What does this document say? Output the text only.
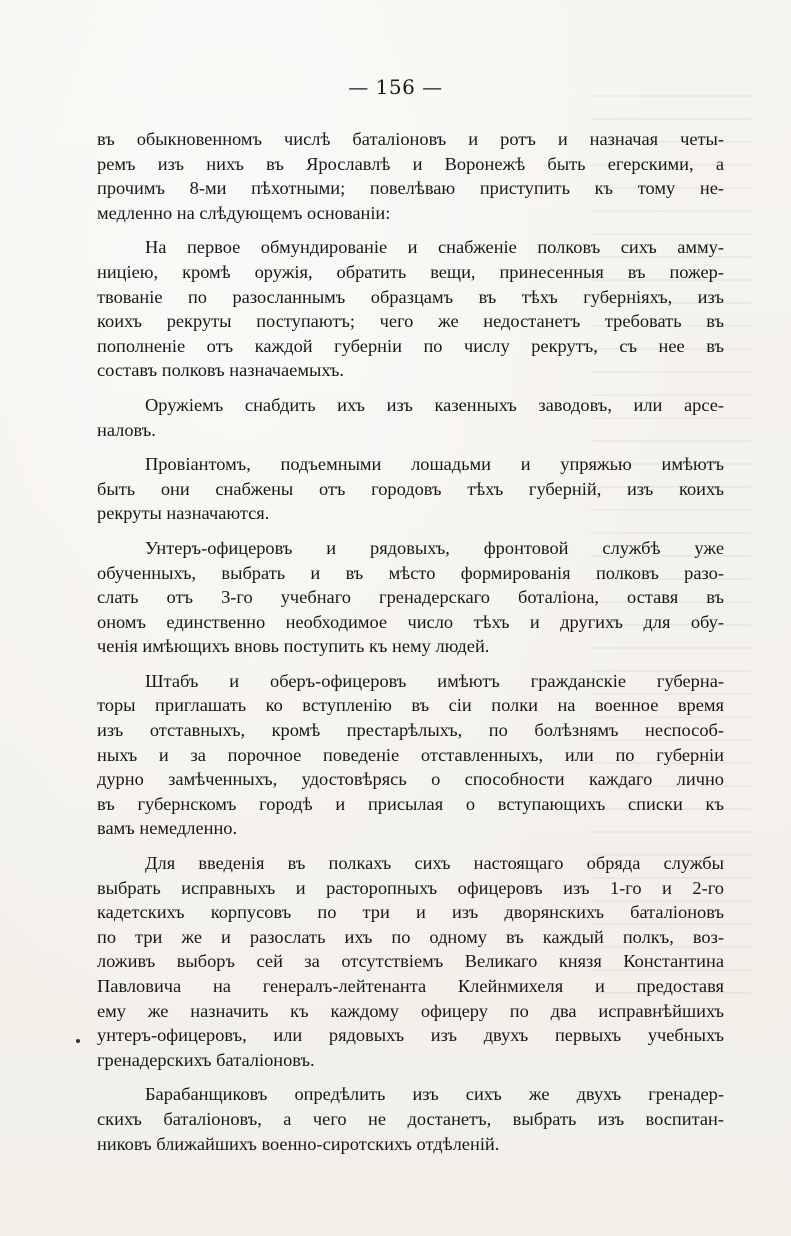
— 156 —

въ обыкновенномъ числѣ баталіоновъ и ротъ и назначая четы-
ремъ изъ нихъ въ Ярославлѣ и Воронежѣ быть егерскими, а
прочимъ 8-ми пѣхотными; повелѣваю приступить къ тому не-
медленно на слѣдующемъ основаніи:

На первое обмундированіе и снабженіе полковъ сихъ амму-
ниціею, кромѣ оружія, обратить вещи, принесенныя въ пожер-
твованіе по разосланнымъ образцамъ въ тѣхъ губерніяхъ, изъ
коихъ рекруты поступаютъ; чего же недостанетъ требовать въ
пополненіе отъ каждой губерніи по числу рекрутъ, съ нее въ
составъ полковъ назначаемыхъ.

Оружіемъ снабдить ихъ изъ казенныхъ заводовъ, или арсе-
наловъ.

Провіантомъ, подъемными лошадьми и упряжью имѣютъ
быть они снабжены отъ городовъ тѣхъ губерній, изъ коихъ
рекруты назначаются.

Унтеръ-офицеровъ и рядовыхъ, фронтовой службѣ уже
обученныхъ, выбрать и въ мѣсто формированія полковъ разо-
слать отъ 3-го учебнаго гренадерскаго боталіона, оставя въ
ономъ единственно необходимое число тѣхъ и другихъ для обу-
ченія имѣющихъ вновь поступить къ нему людей.

Штабъ и оберъ-офицеровъ имѣютъ гражданскіе губерна-
торы приглашать ко вступленію въ сіи полки на военное время
изъ отставныхъ, кромѣ престарѣлыхъ, по болѣзнямъ неспособ-
ныхъ и за порочное поведеніе отставленныхъ, или по губерніи
дурно замѣченныхъ, удостовѣрясь о способности каждаго лично
въ губернскомъ городѣ и присылая о вступающихъ списки къ
вамъ немедленно.

Для введенія въ полкахъ сихъ настоящаго обряда службы
выбрать исправныхъ и расторопныхъ офицеровъ изъ 1-го и 2-го
кадетскихъ корпусовъ по три и изъ дворянскихъ баталіоновъ
по три же и разослать ихъ по одному въ каждый полкъ, воз-
ложивъ выборъ сей за отсутствіемъ Великаго князя Константина
Павловича на генералъ-лейтенанта Клейнмихеля и предоставя
ему же назначить къ каждому офицеру по два исправнѣйшихъ
унтеръ-офицеровъ, или рядовыхъ изъ двухъ первыхъ учебныхъ
гренадерскихъ баталіоновъ.

Барабанщиковъ опредѣлить изъ сихъ же двухъ гренадер-
скихъ баталіоновъ, а чего не достанетъ, выбрать изъ воспитан-
никовъ ближайшихъ военно-сиротскихъ отдѣленій.
